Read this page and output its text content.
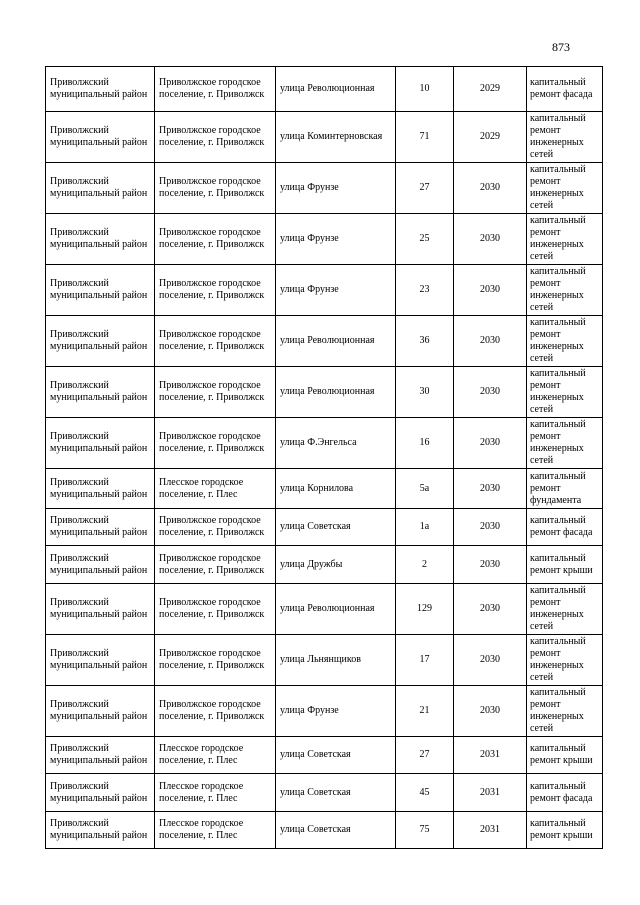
873
Приволжский муниципальный район	Приволжское городское поселение, г. Приволжск	улица Революционная	10	2029	капитальный ремонт фасада
Приволжский муниципальный район	Приволжское городское поселение, г. Приволжск	улица Коминтерновская	71	2029	капитальный ремонт инженерных сетей
Приволжский муниципальный район	Приволжское городское поселение, г. Приволжск	улица Фрунзе	27	2030	капитальный ремонт инженерных сетей
Приволжский муниципальный район	Приволжское городское поселение, г. Приволжск	улица Фрунзе	25	2030	капитальный ремонт инженерных сетей
Приволжский муниципальный район	Приволжское городское поселение, г. Приволжск	улица Фрунзе	23	2030	капитальный ремонт инженерных сетей
Приволжский муниципальный район	Приволжское городское поселение, г. Приволжск	улица Революционная	36	2030	капитальный ремонт инженерных сетей
Приволжский муниципальный район	Приволжское городское поселение, г. Приволжск	улица Революционная	30	2030	капитальный ремонт инженерных сетей
Приволжский муниципальный район	Приволжское городское поселение, г. Приволжск	улица Ф.Энгельса	16	2030	капитальный ремонт инженерных сетей
Приволжский муниципальный район	Плесское городское поселение, г. Плес	улица Корнилова	5а	2030	капитальный ремонт фундамента
Приволжский муниципальный район	Приволжское городское поселение, г. Приволжск	улица Советская	1а	2030	капитальный ремонт фасада
Приволжский муниципальный район	Приволжское городское поселение, г. Приволжск	улица Дружбы	2	2030	капитальный ремонт крыши
Приволжский муниципальный район	Приволжское городское поселение, г. Приволжск	улица Революционная	129	2030	капитальный ремонт инженерных сетей
Приволжский муниципальный район	Приволжское городское поселение, г. Приволжск	улица Льнянщиков	17	2030	капитальный ремонт инженерных сетей
Приволжский муниципальный район	Приволжское городское поселение, г. Приволжск	улица Фрунзе	21	2030	капитальный ремонт инженерных сетей
Приволжский муниципальный район	Плесское городское поселение, г. Плес	улица Советская	27	2031	капитальный ремонт крыши
Приволжский муниципальный район	Плесское городское поселение, г. Плес	улица Советская	45	2031	капитальный ремонт фасада
Приволжский муниципальный район	Плесское городское поселение, г. Плес	улица Советская	75	2031	капитальный ремонт крыши
